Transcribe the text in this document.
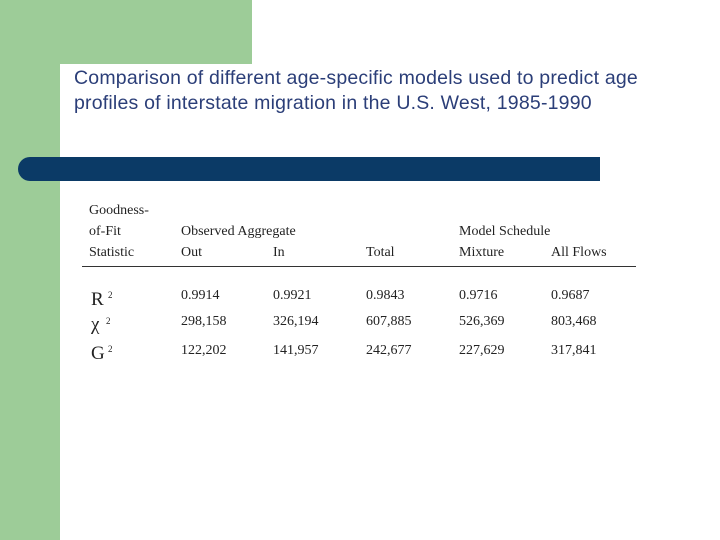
Comparison of different age-specific models used to predict age profiles of interstate migration in the U.S. West, 1985-1990
Goodness-
of-Fit
Statistic
Observed Aggregate	Model Schedule
Out	In	Total	Mixture	All Flows
R 2	0.9914	0.9921	0.9843	0.9716	0.9687
χ 2	298,158	326,194	607,885	526,369	803,468
G 2	122,202	141,957	242,677	227,629	317,841
